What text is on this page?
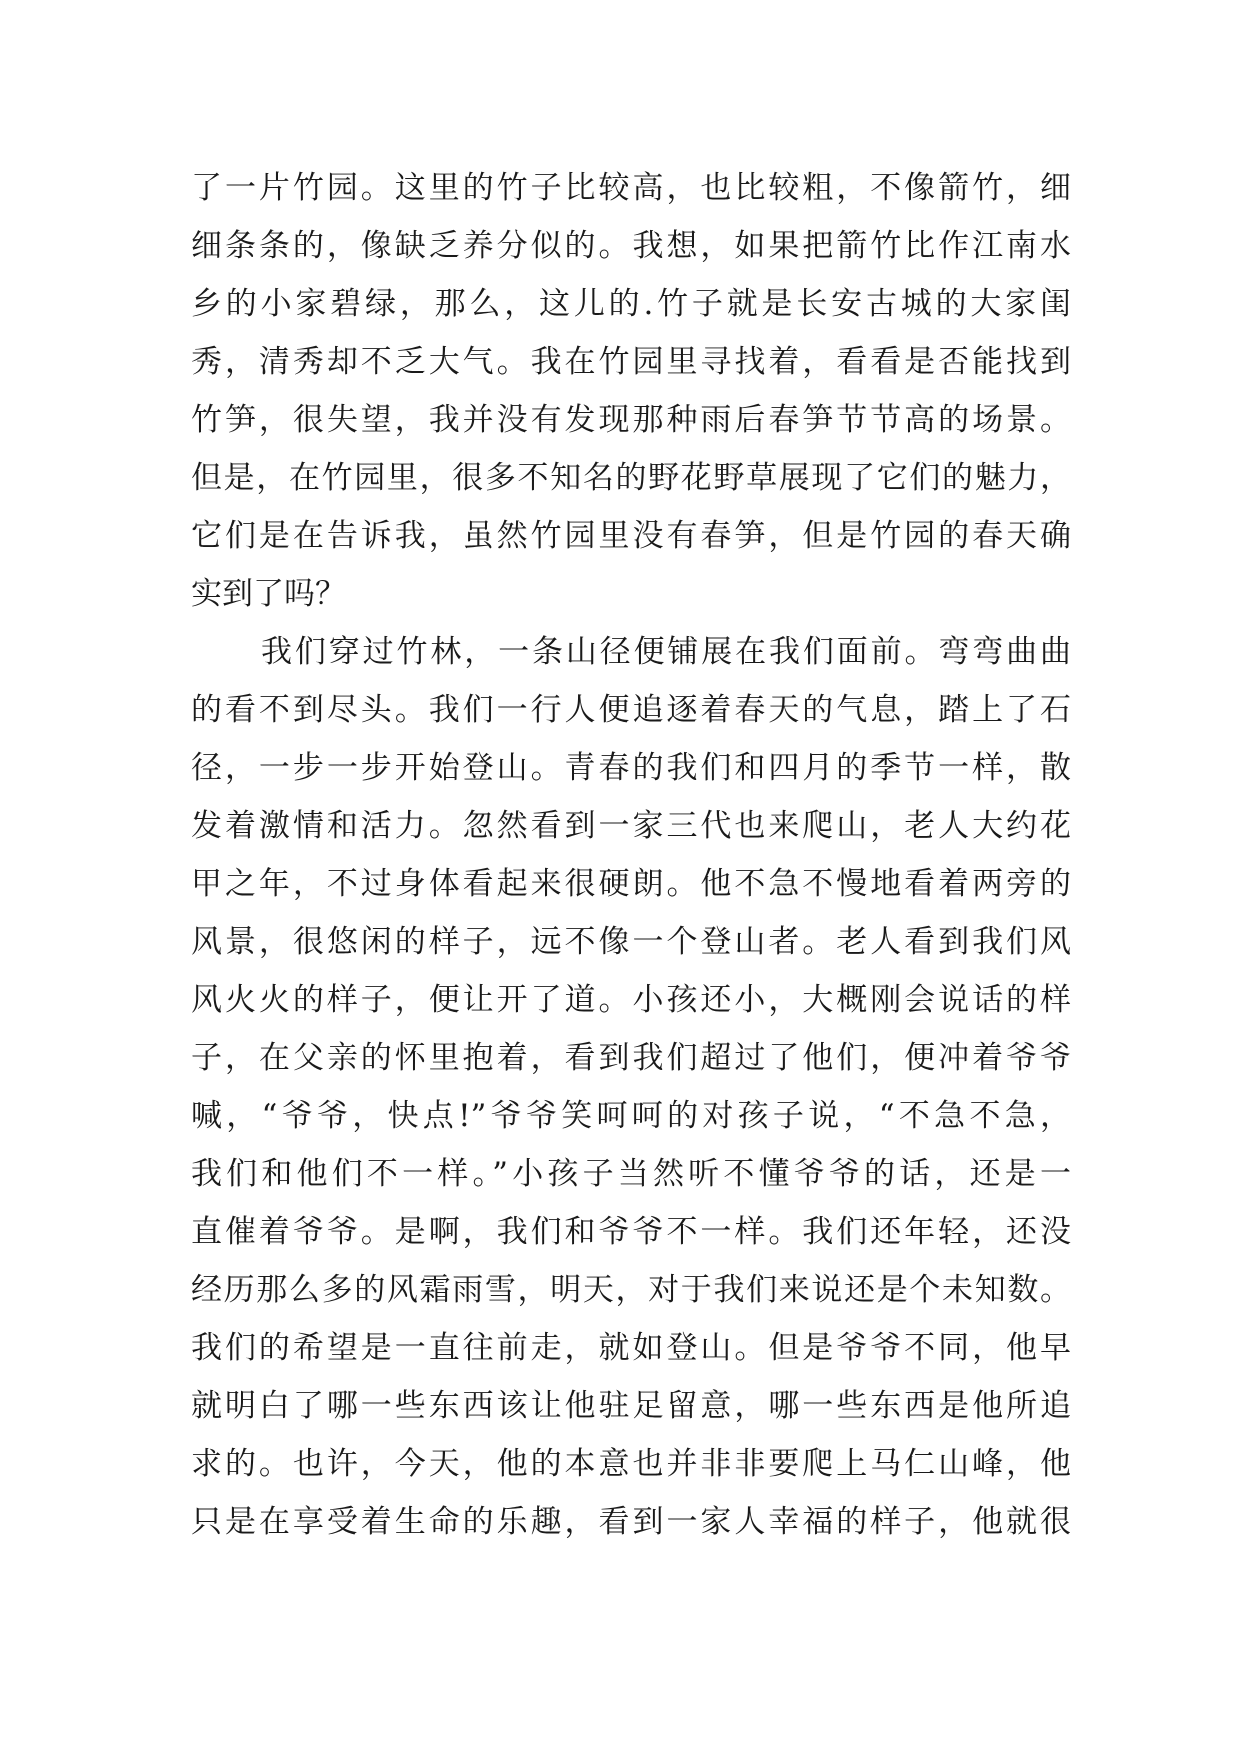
了一片竹园。这里的竹子比较高，也比较粗，不像箭竹，细
细条条的，像缺乏养分似的。我想，如果把箭竹比作江南水
乡的小家碧绿，那么，这儿的.竹子就是长安古城的大家闺
秀，清秀却不乏大气。我在竹园里寻找着，看看是否能找到
竹笋，很失望，我并没有发现那种雨后春笋节节高的场景。
但是，在竹园里，很多不知名的野花野草展现了它们的魅力，
它们是在告诉我，虽然竹园里没有春笋，但是竹园的春天确
实到了吗？
我们穿过竹林，一条山径便铺展在我们面前。弯弯曲曲
的看不到尽头。我们一行人便追逐着春天的气息，踏上了石
径，一步一步开始登山。青春的我们和四月的季节一样，散
发着激情和活力。忽然看到一家三代也来爬山，老人大约花
甲之年，不过身体看起来很硬朗。他不急不慢地看着两旁的
风景，很悠闲的样子，远不像一个登山者。老人看到我们风
风火火的样子，便让开了道。小孩还小，大概刚会说话的样
子，在父亲的怀里抱着，看到我们超过了他们，便冲着爷爷
喊，“爷爷，快点!”爷爷笑呵呵的对孩子说，“不急不急，
我们和他们不一样。”小孩子当然听不懂爷爷的话，还是一
直催着爷爷。是啊，我们和爷爷不一样。我们还年轻，还没
经历那么多的风霜雨雪，明天，对于我们来说还是个未知数。
我们的希望是一直往前走，就如登山。但是爷爷不同，他早
就明白了哪一些东西该让他驻足留意，哪一些东西是他所追
求的。也许，今天，他的本意也并非非要爬上马仁山峰，他
只是在享受着生命的乐趣，看到一家人幸福的样子，他就很
